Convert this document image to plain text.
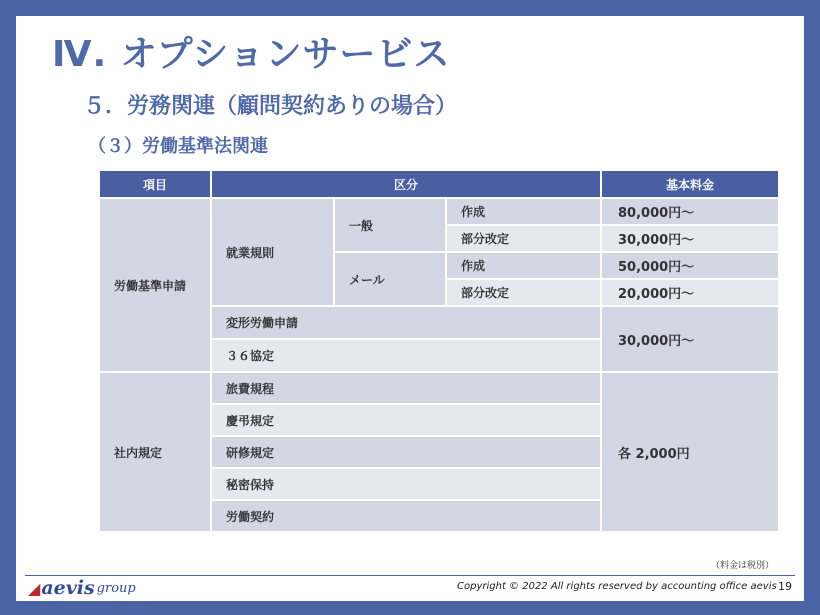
Ⅳ. オプションサービス
５．労務関連（顧問契約ありの場合）
（３）労働基準法関連
項目	区分			基本料金
労働基準申請	就業規則	一般	作成	80,000円～
			部分改定	30,000円～
		メール	作成	50,000円～
			部分改定	20,000円～
	変形労働申請			30,000円～
	３６協定			
社内規定	旅費規程			各 2,000円
	慶弔規定			
	研修規定			
	秘密保持			
	労働契約			
（料金は税別）
◢ aevis group	Copyright © 2022 All rights reserved by accounting office aevis 19
